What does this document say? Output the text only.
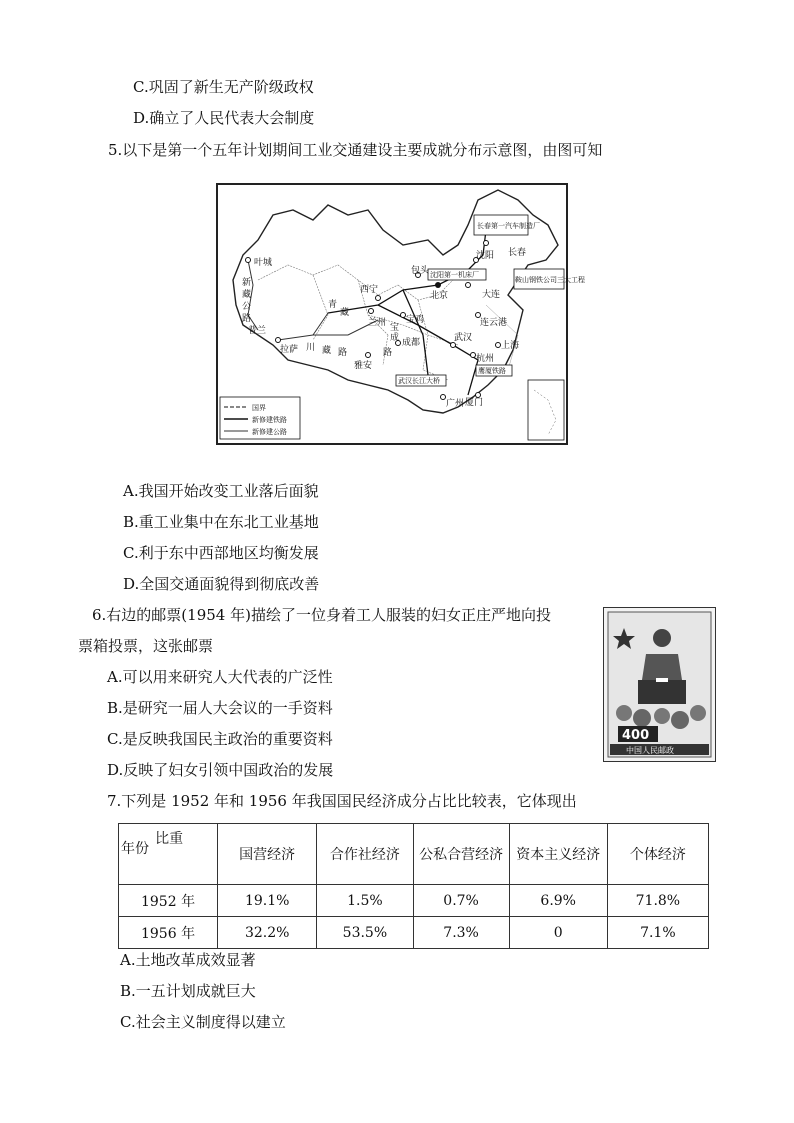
C.巩固了新生无产阶级政权
D.确立了人民代表大会制度
5.以下是第一个五年计划期间工业交通建设主要成就分布示意图，由图可知
长春第一汽车制造厂
沈阳第一机床厂
鞍山钢铁公司三大工程
武汉长江大桥
鹰厦铁路
叶城
西宁
兰州
北京
沈阳 长春
大连
宝鸡	连云港
成都	武汉
上海
杭州
雅安
拉萨
广州 厦门
包头
新
藏
公
路
普兰
青
藏
川 藏 路
宝
成
路
国界
新修建铁路
新修建公路
A.我国开始改变工业落后面貌
B.重工业集中在东北工业基地
C.利于东中西部地区均衡发展
D.全国交通面貌得到彻底改善
6.右边的邮票(1954 年)描绘了一位身着工人服装的妇女正庄严地向投
票箱投票，这张邮票
400
中国人民邮政
A.可以用来研究人大代表的广泛性
B.是研究一届人大会议的一手资料
C.是反映我国民主政治的重要资料
D.反映了妇女引领中国政治的发展
7.下列是 1952 年和 1956 年我国国民经济成分占比比较表，它体现出
比重
年份	国营经济	合作社经济	公私合营经济	资本主义经济	个体经济
1952 年	19.1%	1.5%	0.7%	6.9%	71.8%
1956 年	32.2%	53.5%	7.3%	0	7.1%
A.土地改革成效显著
B.一五计划成就巨大
C.社会主义制度得以建立
